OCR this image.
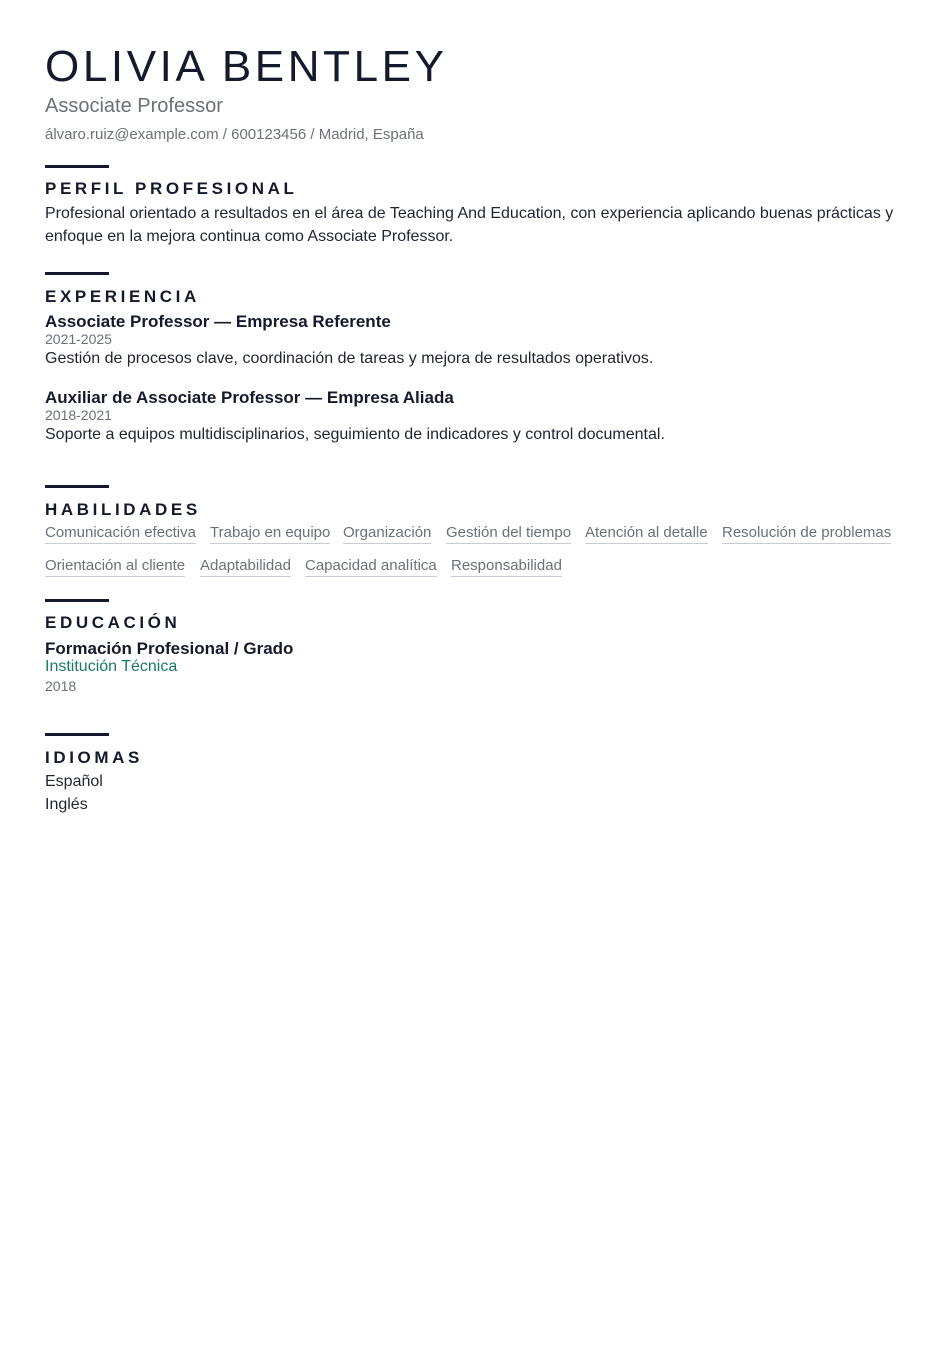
OLIVIA BENTLEY
Associate Professor
álvaro.ruiz@example.com / 600123456 / Madrid, España
PERFIL PROFESIONAL
Profesional orientado a resultados en el área de Teaching And Education, con experiencia aplicando buenas prácticas y enfoque en la mejora continua como Associate Professor.
EXPERIENCIA
Associate Professor — Empresa Referente
2021-2025
Gestión de procesos clave, coordinación de tareas y mejora de resultados operativos.
Auxiliar de Associate Professor — Empresa Aliada
2018-2021
Soporte a equipos multidisciplinarios, seguimiento de indicadores y control documental.
HABILIDADES
Comunicación efectiva Trabajo en equipo Organización Gestión del tiempo Atención al detalle Resolución de problemas
Orientación al cliente Adaptabilidad Capacidad analítica Responsabilidad
EDUCACIÓN
Formación Profesional / Grado
Institución Técnica
2018
IDIOMAS
Español
Inglés
